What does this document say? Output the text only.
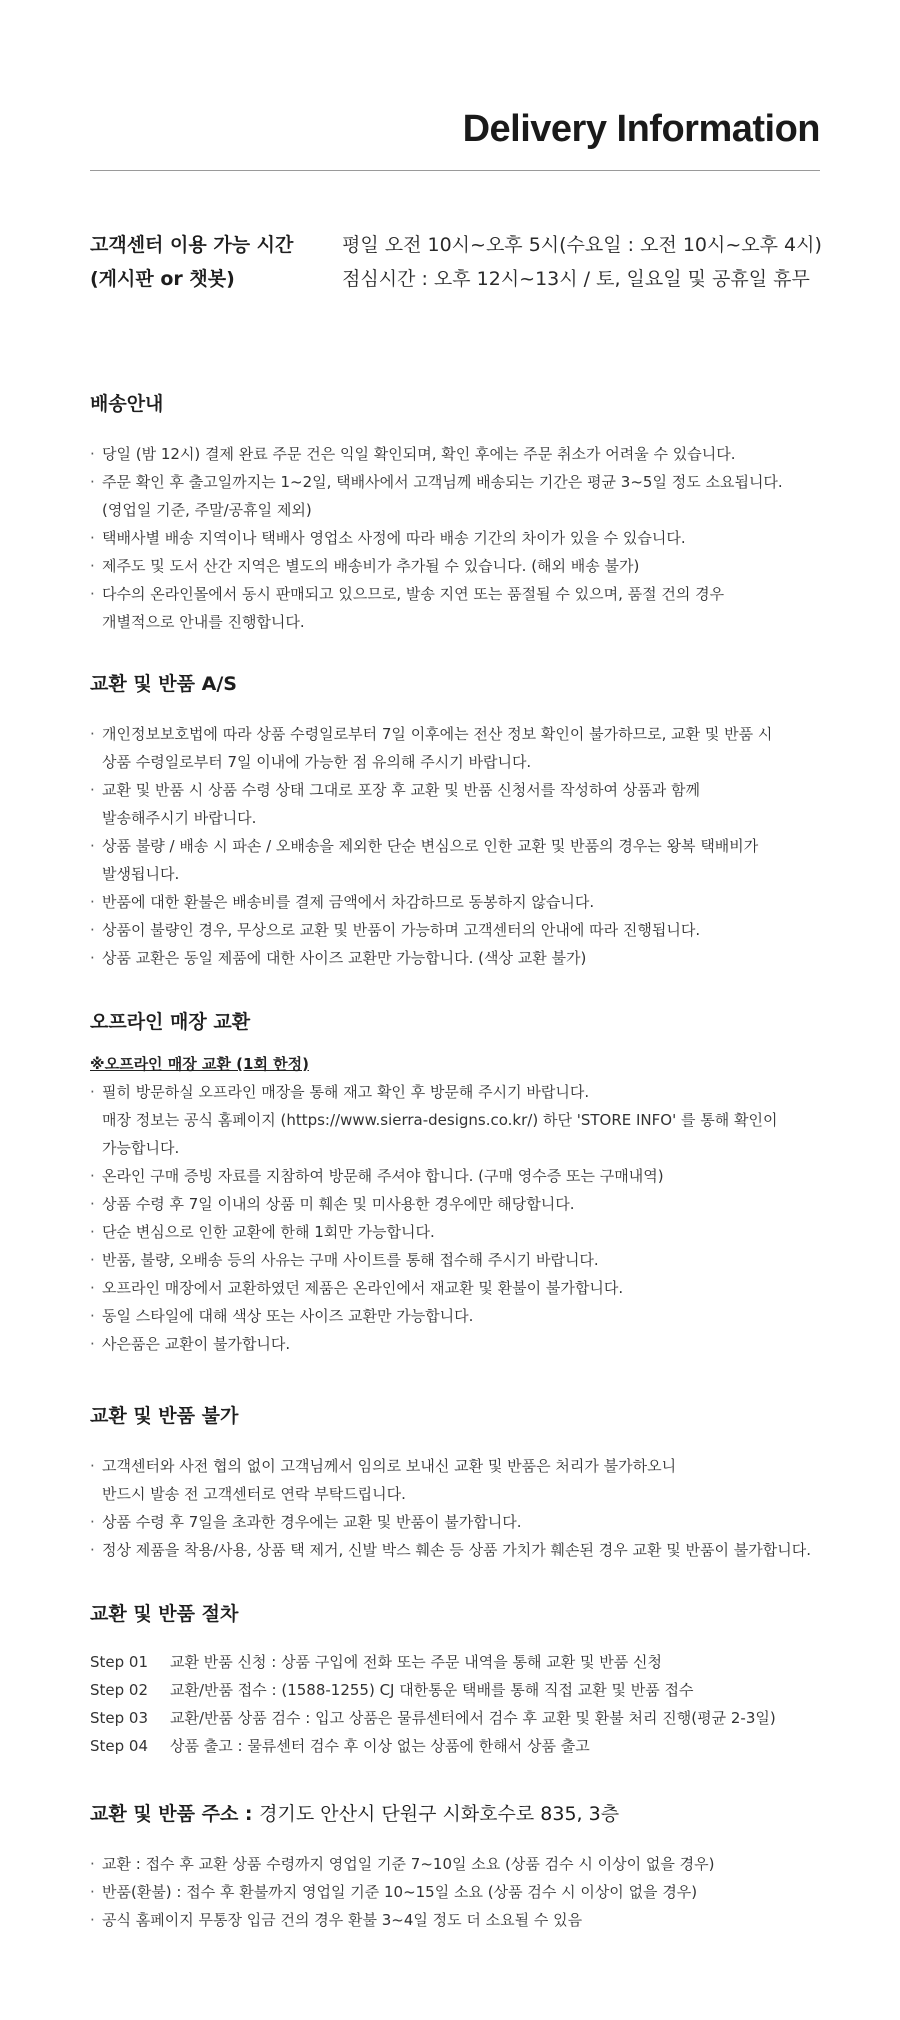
Delivery Information
고객센터 이용 가능 시간	평일 오전 10시~오후 5시(수요일 : 오전 10시~오후 4시)
(게시판 or 챗봇)	점심시간 : 오후 12시~13시 / 토, 일요일 및 공휴일 휴무
배송안내
· 당일 (밤 12시) 결제 완료 주문 건은 익일 확인되며, 확인 후에는 주문 취소가 어려울 수 있습니다.
· 주문 확인 후 출고일까지는 1~2일, 택배사에서 고객님께 배송되는 기간은 평균 3~5일 정도 소요됩니다.
(영업일 기준, 주말/공휴일 제외)
· 택배사별 배송 지역이나 택배사 영업소 사정에 따라 배송 기간의 차이가 있을 수 있습니다.
· 제주도 및 도서 산간 지역은 별도의 배송비가 추가될 수 있습니다. (해외 배송 불가)
· 다수의 온라인몰에서 동시 판매되고 있으므로, 발송 지연 또는 품절될 수 있으며, 품절 건의 경우
개별적으로 안내를 진행합니다.
교환 및 반품 A/S
· 개인정보보호법에 따라 상품 수령일로부터 7일 이후에는 전산 정보 확인이 불가하므로, 교환 및 반품 시
상품 수령일로부터 7일 이내에 가능한 점 유의해 주시기 바랍니다.
· 교환 및 반품 시 상품 수령 상태 그대로 포장 후 교환 및 반품 신청서를 작성하여 상품과 함께
발송해주시기 바랍니다.
· 상품 불량 / 배송 시 파손 / 오배송을 제외한 단순 변심으로 인한 교환 및 반품의 경우는 왕복 택배비가
발생됩니다.
· 반품에 대한 환불은 배송비를 결제 금액에서 차감하므로 동봉하지 않습니다.
· 상품이 불량인 경우, 무상으로 교환 및 반품이 가능하며 고객센터의 안내에 따라 진행됩니다.
· 상품 교환은 동일 제품에 대한 사이즈 교환만 가능합니다. (색상 교환 불가)
오프라인 매장 교환
※오프라인 매장 교환 (1회 한정)
· 필히 방문하실 오프라인 매장을 통해 재고 확인 후 방문해 주시기 바랍니다.
매장 정보는 공식 홈페이지 (https://www.sierra-designs.co.kr/) 하단 'STORE INFO' 를 통해 확인이
가능합니다.
· 온라인 구매 증빙 자료를 지참하여 방문해 주셔야 합니다. (구매 영수증 또는 구매내역)
· 상품 수령 후 7일 이내의 상품 미 훼손 및 미사용한 경우에만 해당합니다.
· 단순 변심으로 인한 교환에 한해 1회만 가능합니다.
· 반품, 불량, 오배송 등의 사유는 구매 사이트를 통해 접수해 주시기 바랍니다.
· 오프라인 매장에서 교환하였던 제품은 온라인에서 재교환 및 환불이 불가합니다.
· 동일 스타일에 대해 색상 또는 사이즈 교환만 가능합니다.
· 사은품은 교환이 불가합니다.
교환 및 반품 불가
· 고객센터와 사전 협의 없이 고객님께서 임의로 보내신 교환 및 반품은 처리가 불가하오니
반드시 발송 전 고객센터로 연락 부탁드립니다.
· 상품 수령 후 7일을 초과한 경우에는 교환 및 반품이 불가합니다.
· 정상 제품을 착용/사용, 상품 택 제거, 신발 박스 훼손 등 상품 가치가 훼손된 경우 교환 및 반품이 불가합니다.
교환 및 반품 절차
Step 01	교환 반품 신청 : 상품 구입에 전화 또는 주문 내역을 통해 교환 및 반품 신청
Step 02	교환/반품 접수 : (1588-1255) CJ 대한통운 택배를 통해 직접 교환 및 반품 접수
Step 03	교환/반품 상품 검수 : 입고 상품은 물류센터에서 검수 후 교환 및 환불 처리 진행(평균 2-3일)
Step 04	상품 출고 : 물류센터 검수 후 이상 없는 상품에 한해서 상품 출고
교환 및 반품 주소 : 경기도 안산시 단원구 시화호수로 835, 3층
· 교환 : 접수 후 교환 상품 수령까지 영업일 기준 7~10일 소요 (상품 검수 시 이상이 없을 경우)
· 반품(환불) : 접수 후 환불까지 영업일 기준 10~15일 소요 (상품 검수 시 이상이 없을 경우)
· 공식 홈페이지 무통장 입금 건의 경우 환불 3~4일 정도 더 소요될 수 있음
